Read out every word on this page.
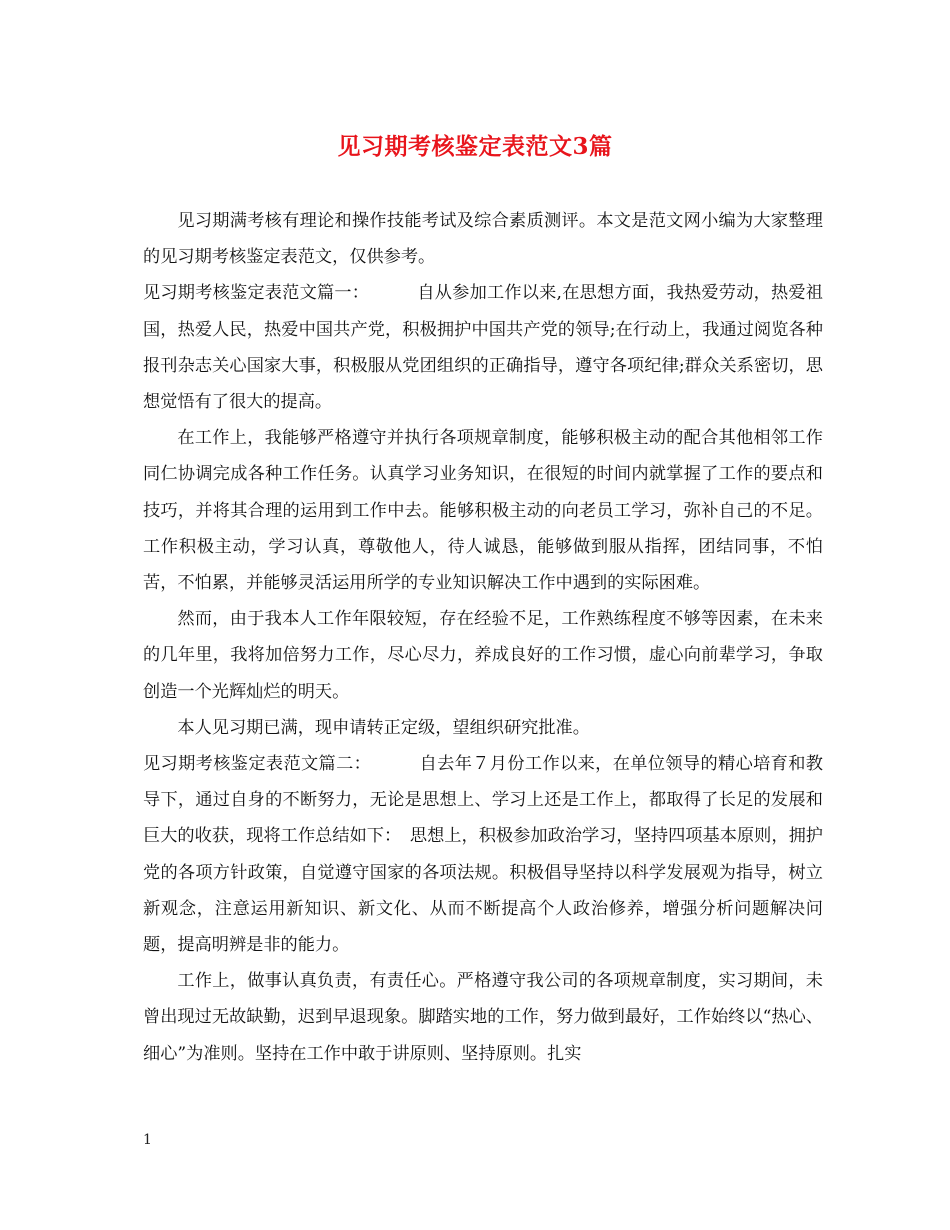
见习期考核鉴定表范文3篇

见习期满考核有理论和操作技能考试及综合素质测评。本文是范文网小编为大家整理的见习期考核鉴定表范文，仅供参考。

见习期考核鉴定表范文篇一：	自从参加工作以来,在思想方面，我热爱劳动，热爱祖国，热爱人民，热爱中国共产党，积极拥护中国共产党的领导;在行动上，我通过阅览各种报刊杂志关心国家大事，积极服从党团组织的正确指导，遵守各项纪律;群众关系密切，思想觉悟有了很大的提高。

在工作上，我能够严格遵守并执行各项规章制度，能够积极主动的配合其他相邻工作同仁协调完成各种工作任务。认真学习业务知识，在很短的时间内就掌握了工作的要点和技巧，并将其合理的运用到工作中去。能够积极主动的向老员工学习，弥补自己的不足。工作积极主动，学习认真，尊敬他人，待人诚恳，能够做到服从指挥，团结同事，不怕苦，不怕累，并能够灵活运用所学的专业知识解决工作中遇到的实际困难。

然而，由于我本人工作年限较短，存在经验不足，工作熟练程度不够等因素，在未来的几年里，我将加倍努力工作，尽心尽力，养成良好的工作习惯，虚心向前辈学习，争取创造一个光辉灿烂的明天。

本人见习期已满，现申请转正定级，望组织研究批准。

见习期考核鉴定表范文篇二：	自去年７月份工作以来，在单位领导的精心培育和教导下，通过自身的不断努力，无论是思想上、学习上还是工作上，都取得了长足的发展和巨大的收获，现将工作总结如下：　思想上，积极参加政治学习，坚持四项基本原则，拥护党的各项方针政策，自觉遵守国家的各项法规。积极倡导坚持以科学发展观为指导，树立新观念，注意运用新知识、新文化、从而不断提高个人政治修养，增强分析问题解决问题，提高明辨是非的能力。

工作上，做事认真负责，有责任心。严格遵守我公司的各项规章制度，实习期间，未曾出现过无故缺勤，迟到早退现象。脚踏实地的工作，努力做到最好，工作始终以“热心、细心”为准则。坚持在工作中敢于讲原则、坚持原则。扎实

1
